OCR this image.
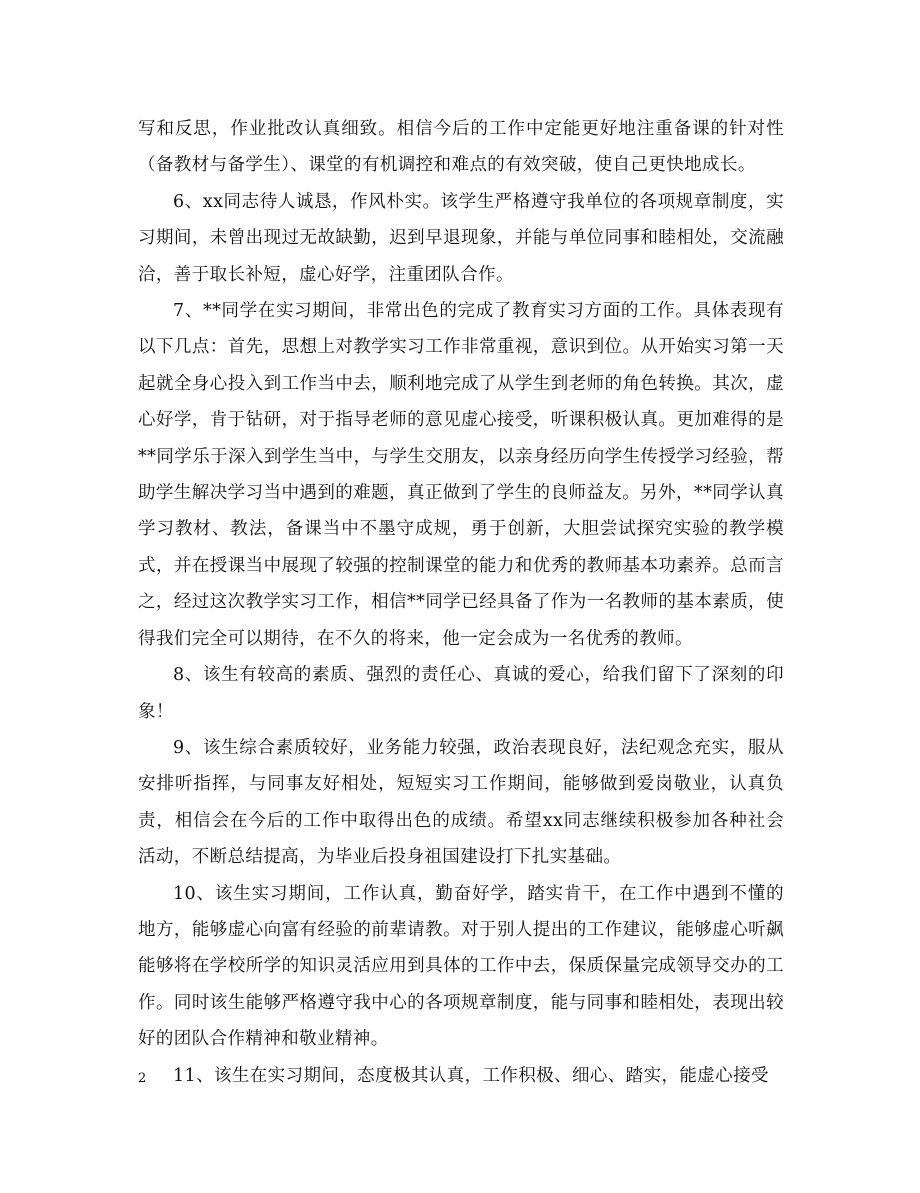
写和反思，作业批改认真细致。相信今后的工作中定能更好地注重备课的针对性（备教材与备学生）、课堂的有机调控和难点的有效突破，使自己更快地成长。

6、xx同志待人诚恳，作风朴实。该学生严格遵守我单位的各项规章制度，实习期间，未曾出现过无故缺勤，迟到早退现象，并能与单位同事和睦相处，交流融洽，善于取长补短，虚心好学，注重团队合作。

7、**同学在实习期间，非常出色的完成了教育实习方面的工作。具体表现有以下几点：首先，思想上对教学实习工作非常重视，意识到位。从开始实习第一天起就全身心投入到工作当中去，顺利地完成了从学生到老师的角色转换。其次，虚心好学，肯于钻研，对于指导老师的意见虚心接受，听课积极认真。更加难得的是**同学乐于深入到学生当中，与学生交朋友，以亲身经历向学生传授学习经验，帮助学生解决学习当中遇到的难题，真正做到了学生的良师益友。另外，**同学认真学习教材、教法，备课当中不墨守成规，勇于创新，大胆尝试探究实验的教学模式，并在授课当中展现了较强的控制课堂的能力和优秀的教师基本功素养。总而言之，经过这次教学实习工作，相信**同学已经具备了作为一名教师的基本素质，使得我们完全可以期待，在不久的将来，他一定会成为一名优秀的教师。

8、该生有较高的素质、强烈的责任心、真诚的爱心，给我们留下了深刻的印象！

9、该生综合素质较好，业务能力较强，政治表现良好，法纪观念充实，服从安排听指挥，与同事友好相处，短短实习工作期间，能够做到爱岗敬业，认真负责，相信会在今后的工作中取得出色的成绩。希望xx同志继续积极参加各种社会活动，不断总结提高，为毕业后投身祖国建设打下扎实基础。

10、该生实习期间，工作认真，勤奋好学，踏实肯干，在工作中遇到不懂的地方，能够虚心向富有经验的前辈请教。对于别人提出的工作建议，能够虚心听飙能够将在学校所学的知识灵活应用到具体的工作中去，保质保量完成领导交办的工作。同时该生能够严格遵守我中心的各项规章制度，能与同事和睦相处，表现出较好的团队合作精神和敬业精神。

11、该生在实习期间，态度极其认真，工作积极、细心、踏实，能虚心接受

2
